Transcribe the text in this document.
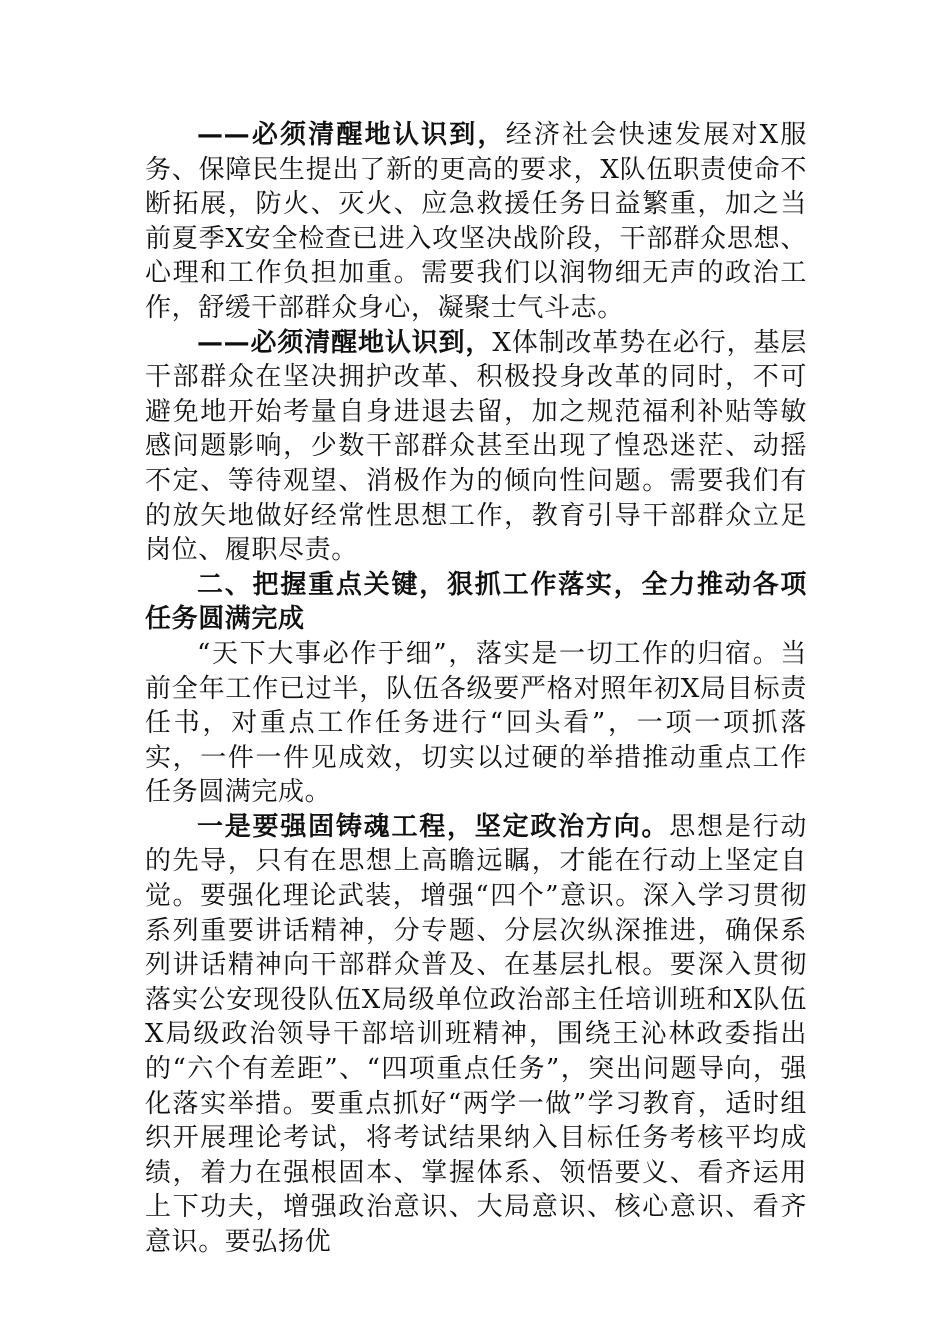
——必须清醒地认识到，经济社会快速发展对X服务、保障民生提出了新的更高的要求，X队伍职责使命不断拓展，防火、灭火、应急救援任务日益繁重，加之当前夏季X安全检查已进入攻坚决战阶段，干部群众思想、心理和工作负担加重。需要我们以润物细无声的政治工作，舒缓干部群众身心，凝聚士气斗志。

——必须清醒地认识到，X体制改革势在必行，基层干部群众在坚决拥护改革、积极投身改革的同时，不可避免地开始考量自身进退去留，加之规范福利补贴等敏感问题影响，少数干部群众甚至出现了惶恐迷茫、动摇不定、等待观望、消极作为的倾向性问题。需要我们有的放矢地做好经常性思想工作，教育引导干部群众立足岗位、履职尽责。

二、把握重点关键，狠抓工作落实，全力推动各项任务圆满完成

“天下大事必作于细”，落实是一切工作的归宿。当前全年工作已过半，队伍各级要严格对照年初X局目标责任书，对重点工作任务进行“回头看”，一项一项抓落实，一件一件见成效，切实以过硬的举措推动重点工作任务圆满完成。

一是要强固铸魂工程，坚定政治方向。思想是行动的先导，只有在思想上高瞻远瞩，才能在行动上坚定自觉。要强化理论武装，增强“四个”意识。深入学习贯彻系列重要讲话精神，分专题、分层次纵深推进，确保系列讲话精神向干部群众普及、在基层扎根。要深入贯彻落实公安现役队伍X局级单位政治部主任培训班和X队伍X局级政治领导干部培训班精神，围绕王沁林政委指出的“六个有差距”、“四项重点任务”，突出问题导向，强化落实举措。要重点抓好“两学一做”学习教育，适时组织开展理论考试，将考试结果纳入目标任务考核平均成绩，着力在强根固本、掌握体系、领悟要义、看齐运用上下功夫，增强政治意识、大局意识、核心意识、看齐意识。要弘扬优
